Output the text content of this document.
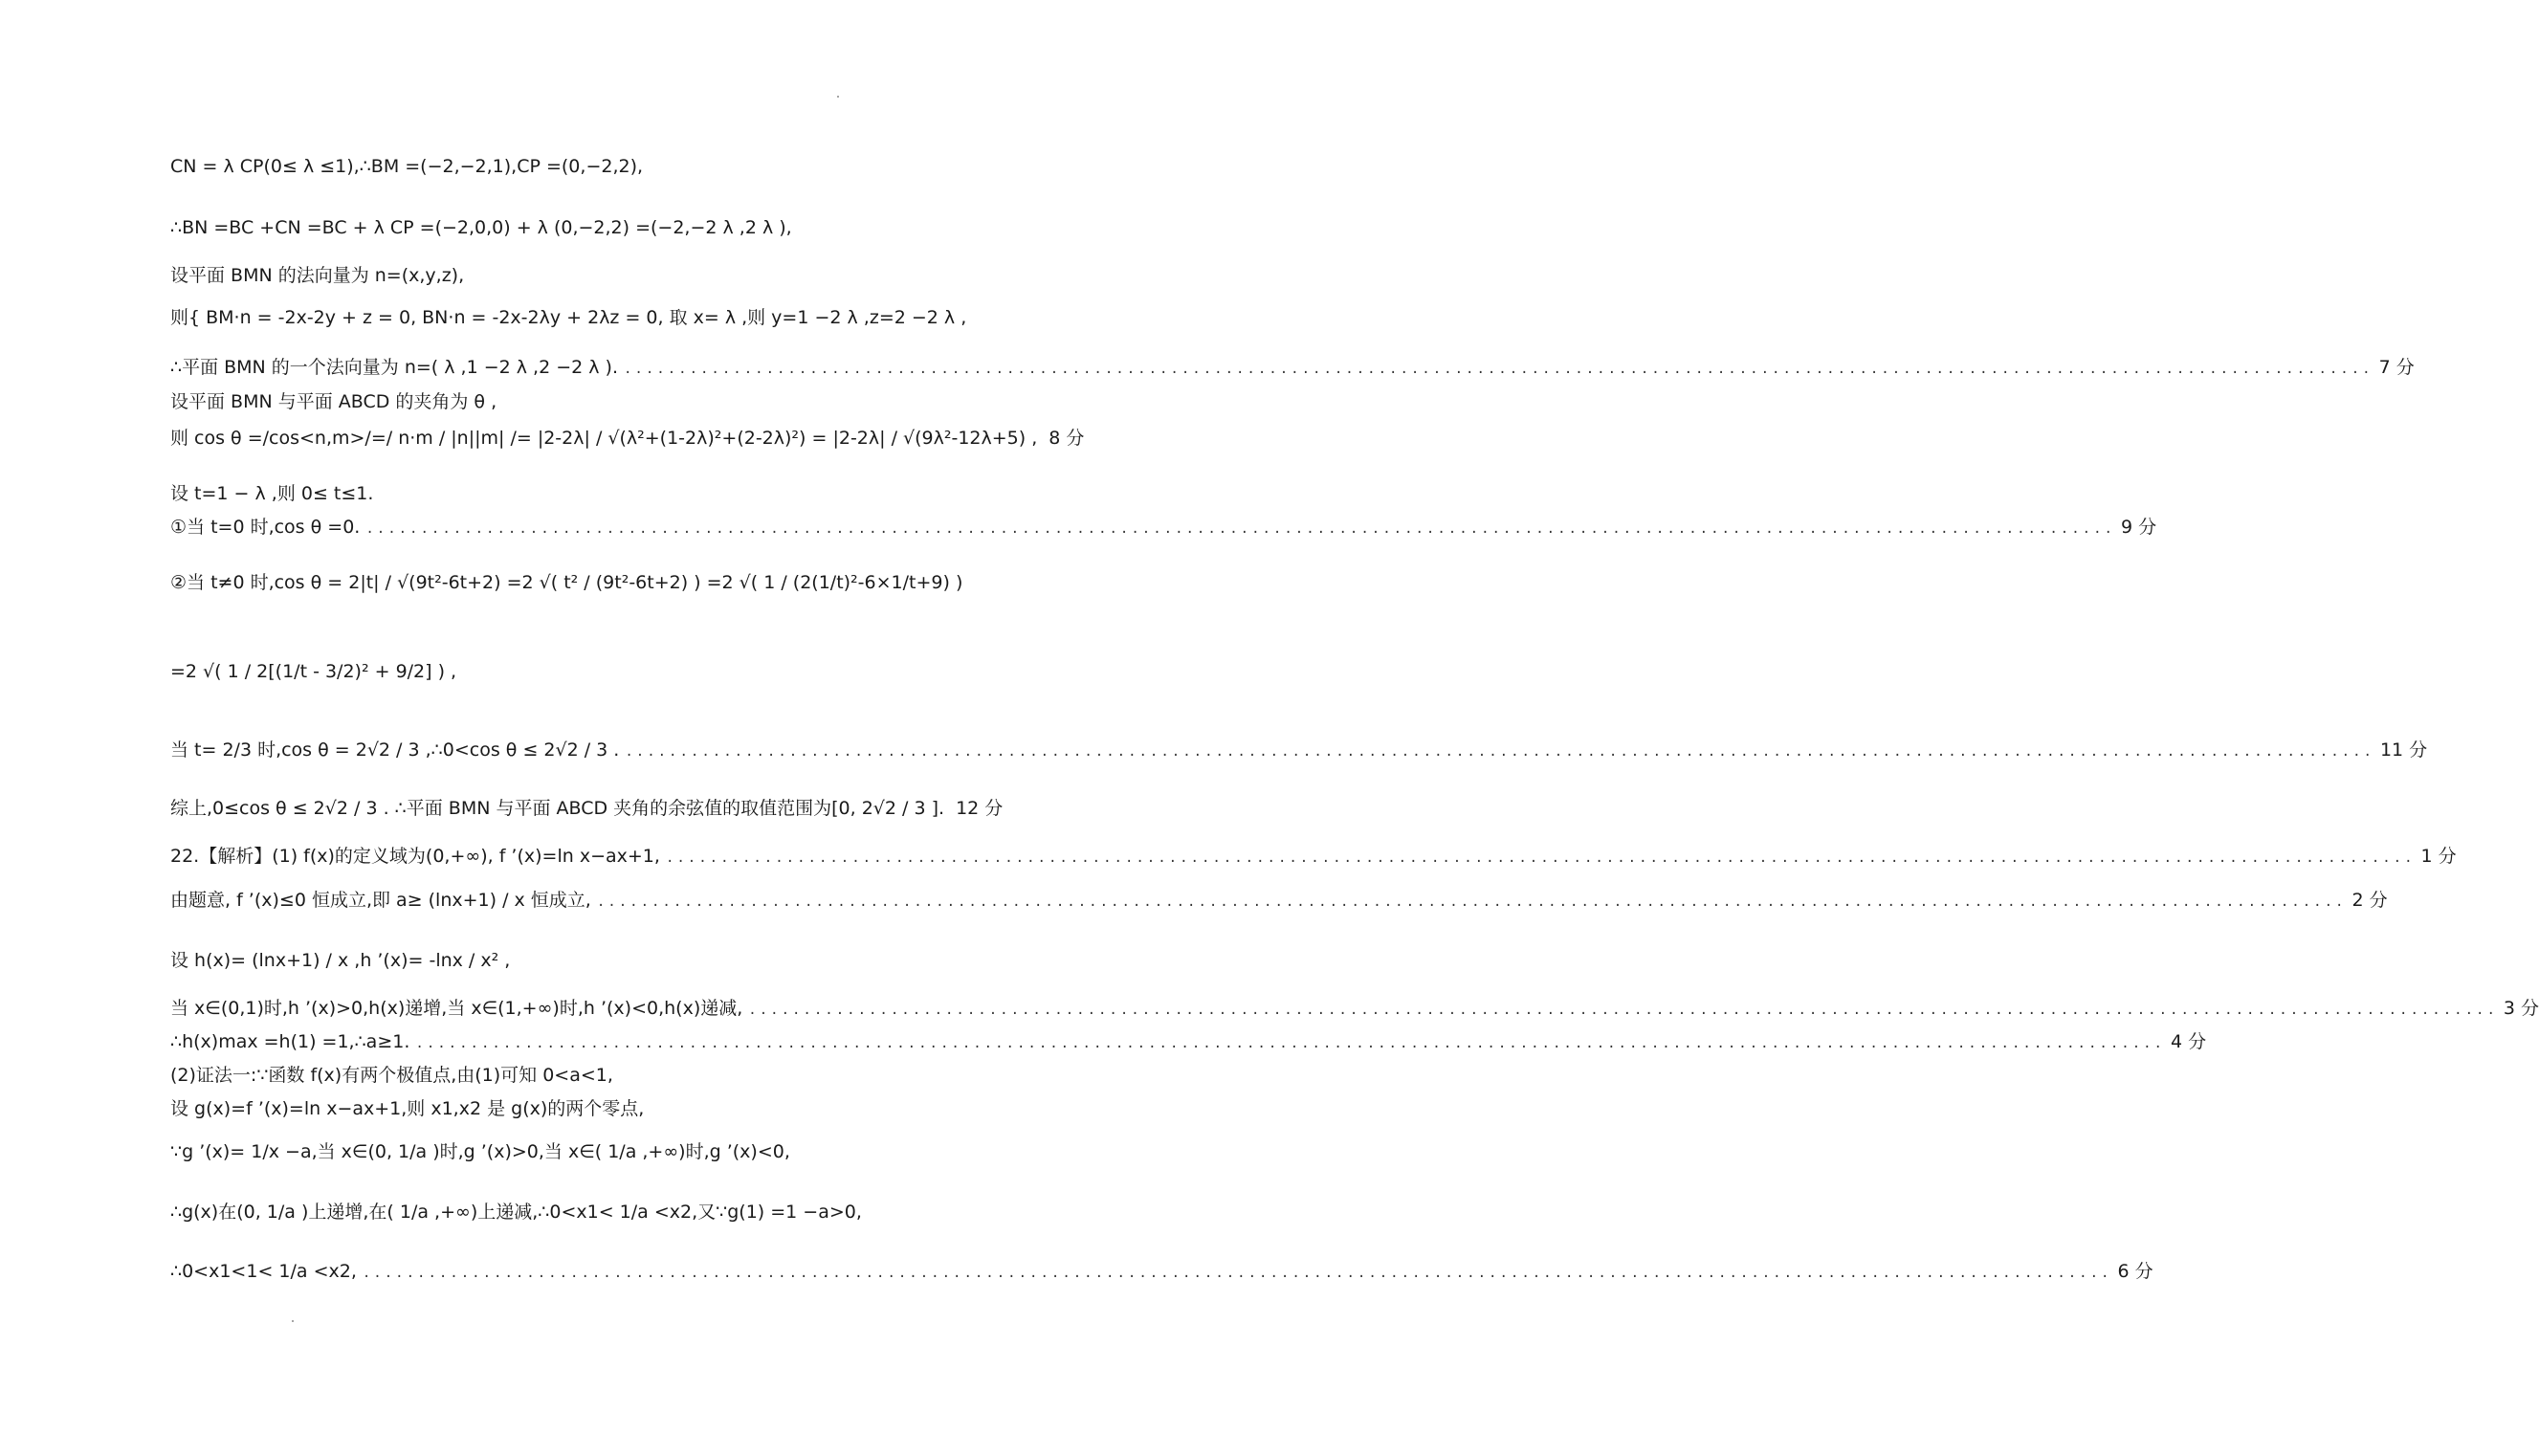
CN = λ CP(0≤ λ ≤1),∴BM =(−2,−2,1),CP =(0,−2,2),
∴BN =BC +CN =BC + λ CP =(−2,0,0) + λ (0,−2,2) =(−2,−2 λ ,2 λ ),
设平面 BMN 的法向量为 n=(x,y,z),
则{ BM·n = -2x-2y + z = 0, BN·n = -2x-2λy + 2λz = 0, 取 x= λ ,则 y=1 −2 λ ,z=2 −2 λ ,
∴平面 BMN 的一个法向量为 n=( λ ,1 −2 λ ,2 −2 λ ). ................................................................................................................................................................ 7 分
设平面 BMN 与平面 ABCD 的夹角为 θ ,
则 cos θ =/cos<n,m>/=/ n·m / |n||m| /= |2-2λ| / √(λ²+(1-2λ)²+(2-2λ)²) = |2-2λ| / √(9λ²-12λ+5) , 8 分
设 t=1 − λ ,则 0≤ t≤1.
①当 t=0 时,cos θ =0. ................................................................................................................................................................ 9 分
②当 t≠0 时,cos θ = 2|t| / √(9t²-6t+2) =2 √( t² / (9t²-6t+2) ) =2 √( 1 / (2(1/t)²-6×1/t+9) )
=2 √( 1 / 2[(1/t - 3/2)² + 9/2] ) ,
当 t= 2/3 时,cos θ = 2√2 / 3 ,∴0<cos θ ≤ 2√2 / 3 . ................................................................................................................................................................ 11 分
综上,0≤cos θ ≤ 2√2 / 3 . ∴平面 BMN 与平面 ABCD 夹角的余弦值的取值范围为[0, 2√2 / 3 ]. 12 分
22.【解析】(1) f(x)的定义域为(0,+∞), f ’(x)=ln x−ax+1, ................................................................................................................................................................ 1 分
由题意, f ’(x)≤0 恒成立,即 a≥ (lnx+1) / x 恒成立, ................................................................................................................................................................ 2 分
设 h(x)= (lnx+1) / x ,h ’(x)= -lnx / x² ,
当 x∈(0,1)时,h ’(x)>0,h(x)递增,当 x∈(1,+∞)时,h ’(x)<0,h(x)递减, ................................................................................................................................................................ 3 分
∴h(x)max =h(1) =1,∴a≥1. ................................................................................................................................................................ 4 分
(2)证法一:∵函数 f(x)有两个极值点,由(1)可知 0<a<1,
设 g(x)=f ’(x)=ln x−ax+1,则 x1,x2 是 g(x)的两个零点,
∵g ’(x)= 1/x −a,当 x∈(0, 1/a )时,g ’(x)>0,当 x∈( 1/a ,+∞)时,g ’(x)<0,
∴g(x)在(0, 1/a )上递增,在( 1/a ,+∞)上递减,∴0<x1< 1/a <x2,又∵g(1) =1 −a>0,
∴0<x1<1< 1/a <x2, ................................................................................................................................................................ 6 分
